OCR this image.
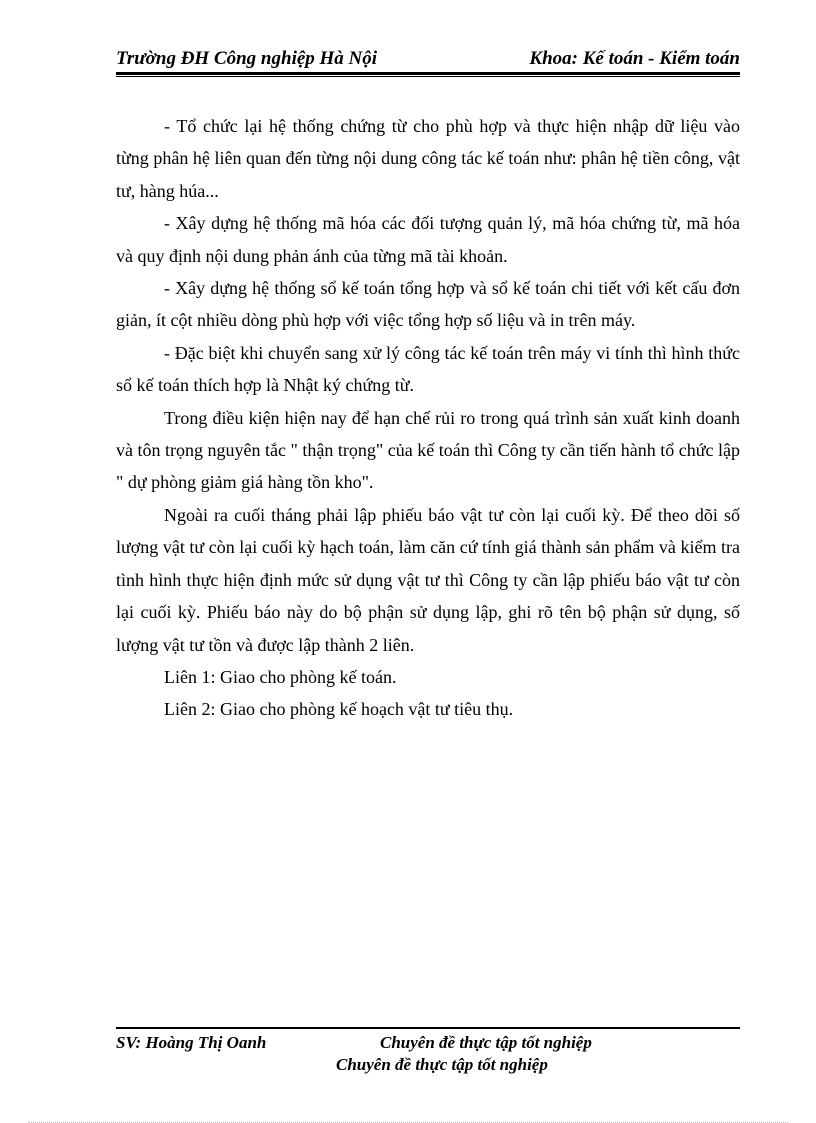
Trường ĐH Công nghiệp Hà Nội	Khoa: Kế toán - Kiểm toán

- Tổ chức lại hệ thống chứng từ cho phù hợp và thực hiện nhập dữ liệu vào từng phân hệ liên quan đến từng nội dung công tác kế toán như: phân hệ tiền công, vật tư, hàng húa...

- Xây dựng hệ thống mã hóa các đối tượng quản lý, mã hóa chứng từ, mã hóa và quy định nội dung phản ánh của từng mã tài khoản.

- Xây dựng hệ thống sổ kế toán tổng hợp và sổ kế toán chi tiết với kết cấu đơn giản, ít cột nhiều dòng phù hợp với việc tổng hợp số liệu và in trên máy.

- Đặc biệt khi chuyển sang xử lý công tác kế toán trên máy vi tính thì hình thức sổ kế toán thích hợp là Nhật ký chứng từ.

Trong điều kiện hiện nay để hạn chế rủi ro trong quá trình sản xuất kinh doanh và tôn trọng nguyên tắc " thận trọng" của kế toán thì Công ty cần tiến hành tổ chức lập " dự phòng giảm giá hàng tồn kho".

Ngoài ra cuối tháng phải lập phiếu báo vật tư còn lại cuối kỳ. Để theo dõi số lượng vật tư còn lại cuối kỳ hạch toán, làm căn cứ tính giá thành sản phẩm và kiểm tra tình hình thực hiện định mức sử dụng vật tư thì Công ty cần lập phiếu báo vật tư còn lại cuối kỳ. Phiếu báo này do bộ phận sử dụng lập, ghi rõ tên bộ phận sử dụng, số lượng vật tư tồn và được lập thành 2 liên.

Liên 1: Giao cho phòng kế toán.

Liên 2: Giao cho phòng kế hoạch vật tư tiêu thụ.

SV: Hoàng Thị Oanh	Chuyên đề thực tập tốt nghiệp
Chuyên đề thực tập tốt nghiệp
